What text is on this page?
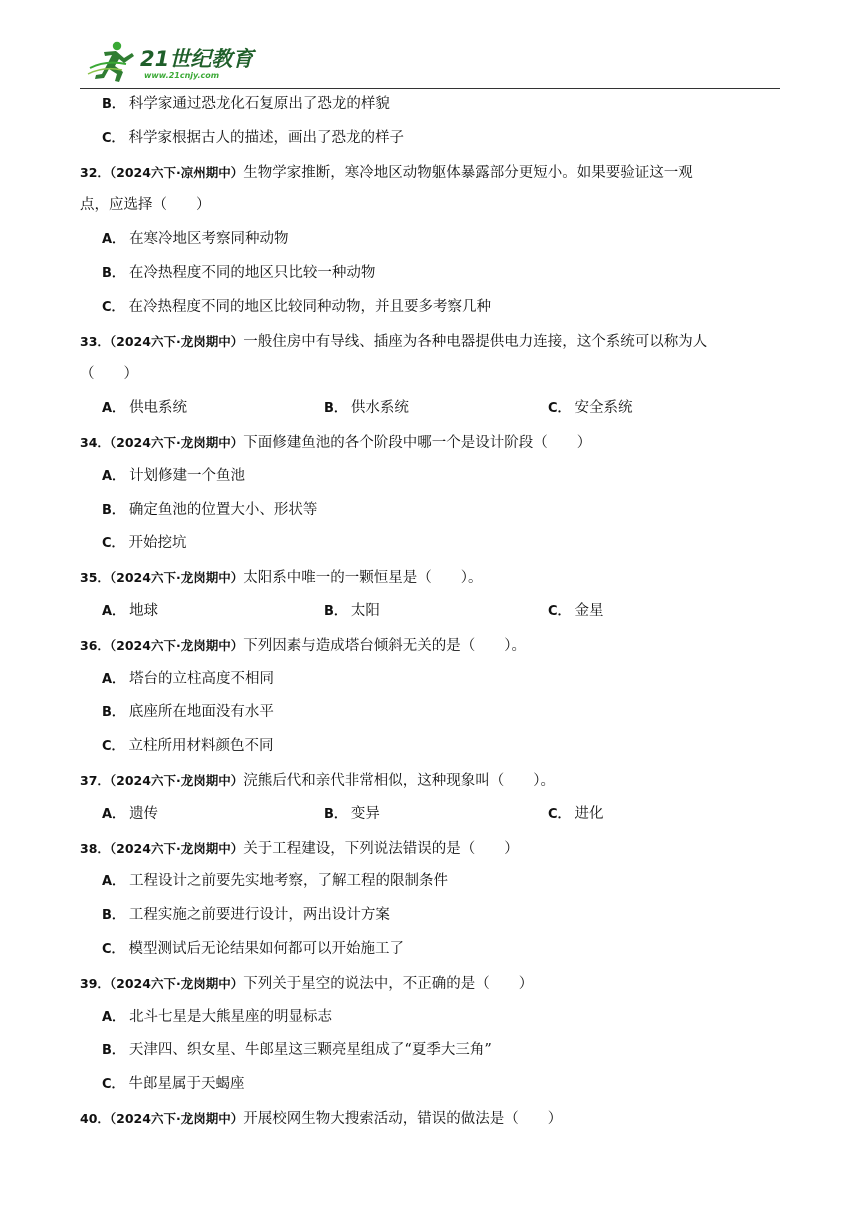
21世纪教育
www.21cnjy.com
B． 科学家通过恐龙化石复原出了恐龙的样貌
C． 科学家根据古人的描述，画出了恐龙的样子
32．（2024六下·凉州期中）生物学家推断，寒冷地区动物躯体暴露部分更短小。如果要验证这一观
点，应选择（　　）
A． 在寒冷地区考察同种动物
B． 在冷热程度不同的地区只比较一种动物
C． 在冷热程度不同的地区比较同种动物，并且要多考察几种
33．（2024六下·龙岗期中）一般住房中有导线、插座为各种电器提供电力连接，这个系统可以称为人
（　　）
A． 供电系统	B． 供水系统	C． 安全系统
34．（2024六下·龙岗期中）下面修建鱼池的各个阶段中哪一个是设计阶段（　　）
A． 计划修建一个鱼池
B． 确定鱼池的位置大小、形状等
C． 开始挖坑
35．（2024六下·龙岗期中）太阳系中唯一的一颗恒星是（　　）。
A． 地球	B． 太阳	C． 金星
36．（2024六下·龙岗期中）下列因素与造成塔台倾斜无关的是（　　）。
A． 塔台的立柱高度不相同
B． 底座所在地面没有水平
C． 立柱所用材料颜色不同
37．（2024六下·龙岗期中）浣熊后代和亲代非常相似，这种现象叫（　　）。
A． 遗传	B． 变异	C． 进化
38．（2024六下·龙岗期中）关于工程建设，下列说法错误的是（　　）
A． 工程设计之前要先实地考察，了解工程的限制条件
B． 工程实施之前要进行设计，两出设计方案
C． 模型测试后无论结果如何都可以开始施工了
39．（2024六下·龙岗期中）下列关于星空的说法中，不正确的是（　　）
A． 北斗七星是大熊星座的明显标志
B． 天津四、织女星、牛郎星这三颗亮星组成了“夏季大三角”
C． 牛郎星属于天蝎座
40．（2024六下·龙岗期中）开展校网生物大搜索活动，错误的做法是（　　）
